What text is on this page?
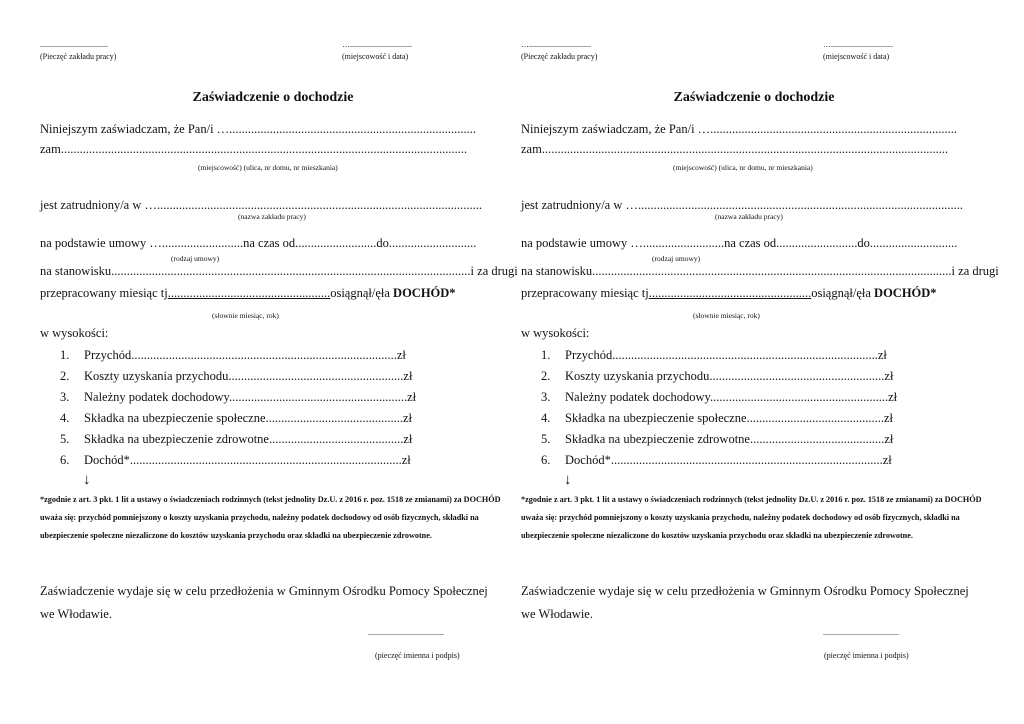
..................................
(Pieczęć zakładu pracy)
…...............................
(miejscowość i data)
Zaświadczenie o dochodzie
Niniejszym zaświadczam, że Pan/i …...............................................................................
zam..................................................................................................................................
(miejscowość) (ulica, nr domu, nr mieszkania)
jest zatrudniony/a w …........................................................................................................
(nazwa zakładu pracy)
na podstawie umowy …..........................na czas od..........................do............................
(rodzaj umowy)
na stanowisku...................................................................................................................i za drugi
przepracowany miesiąc tj....................................................osiągnął/ęła DOCHÓD*
(słownie miesiąc, rok)
w wysokości:
1. Przychód.....................................................................................zł
2. Koszty uzyskania przychodu........................................................zł
3. Należny podatek dochodowy.........................................................zł
4. Składka na ubezpieczenie społeczne............................................zł
5. Składka na ubezpieczenie zdrowotne...........................................zł
6. Dochód*.......................................................................................zł
↓
*zgodnie z art. 3 pkt. 1 lit a ustawy o świadczeniach rodzinnych (tekst jednolity Dz.U. z 2016 r. poz. 1518 ze zmianami) za DOCHÓD uważa się: przychód pomniejszony o koszty uzyskania przychodu, należny podatek dochodowy od osób fizycznych, składki na ubezpieczenie społeczne niezaliczone do kosztów uzyskania przychodu oraz składki na ubezpieczenie zdrowotne.
Zaświadczenie wydaje się w celu przedłożenia w Gminnym Ośrodku Pomocy Społecznej we Włodawie.
......................................
(pieczęć imienna i podpis)
…...............................
(Pieczęć zakładu pracy)
…...............................
(miejscowość i data)
Zaświadczenie o dochodzie
Niniejszym zaświadczam, że Pan/i …...............................................................................
zam..................................................................................................................................
(miejscowość) (ulica, nr domu, nr mieszkania)
jest zatrudniony/a w …........................................................................................................
(nazwa zakładu pracy)
na podstawie umowy …..........................na czas od..........................do............................
(rodzaj umowy)
na stanowisku...................................................................................................................i za drugi
przepracowany miesiąc tj....................................................osiągnął/ęła DOCHÓD*
(słownie miesiąc, rok)
w wysokości:
1. Przychód.....................................................................................zł
2. Koszty uzyskania przychodu........................................................zł
3. Należny podatek dochodowy.........................................................zł
4. Składka na ubezpieczenie społeczne............................................zł
5. Składka na ubezpieczenie zdrowotne...........................................zł
6. Dochód*.......................................................................................zł
↓
*zgodnie z art. 3 pkt. 1 lit a ustawy o świadczeniach rodzinnych (tekst jednolity Dz.U. z 2016 r. poz. 1518 ze zmianami) za DOCHÓD uważa się: przychód pomniejszony o koszty uzyskania przychodu, należny podatek dochodowy od osób fizycznych, składki na ubezpieczenie społeczne niezaliczone do kosztów uzyskania przychodu oraz składki na ubezpieczenie zdrowotne.
Zaświadczenie wydaje się w celu przedłożenia w Gminnym Ośrodku Pomocy Społecznej we Włodawie.
......................................
(pieczęć imienna i podpis)
